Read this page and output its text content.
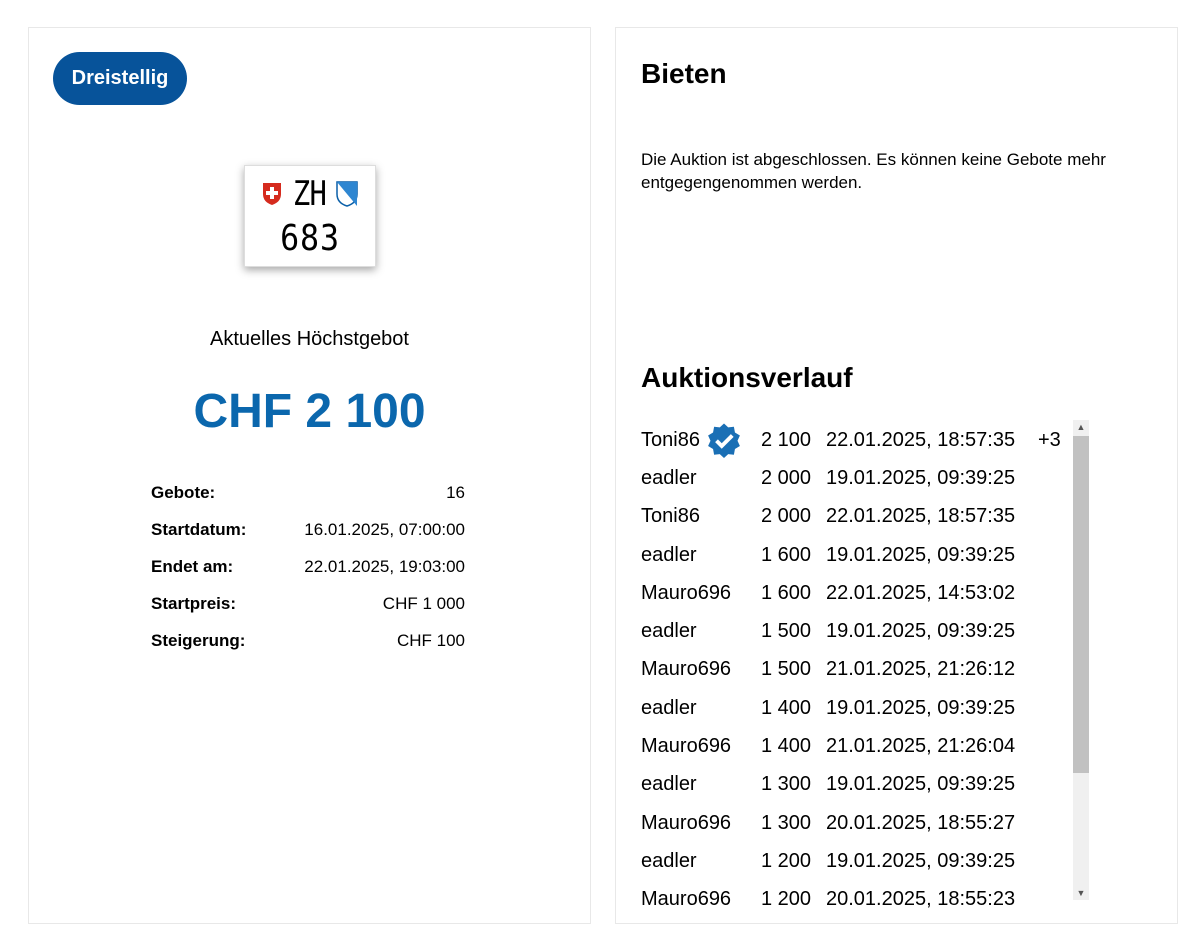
Dreistellig
ZH
683
Aktuelles Höchstgebot
CHF 2 100
Gebote:	16
Startdatum:	16.01.2025, 07:00:00
Endet am:	22.01.2025, 19:03:00
Startpreis:	CHF 1 000
Steigerung:	CHF 100
Bieten
Die Auktion ist abgeschlossen. Es können keine Gebote mehr entgegengenommen werden.
Auktionsverlauf
Toni86	2 100 22.01.2025, 18:57:35	+3
eadler	2 000 19.01.2025, 09:39:25
Toni86	2 000 22.01.2025, 18:57:35
eadler	1 600 19.01.2025, 09:39:25
Mauro696 1 600 22.01.2025, 14:53:02
eadler	1 500 19.01.2025, 09:39:25
Mauro696 1 500 21.01.2025, 21:26:12
eadler	1 400 19.01.2025, 09:39:25
Mauro696 1 400 21.01.2025, 21:26:04
eadler	1 300 19.01.2025, 09:39:25
Mauro696 1 300 20.01.2025, 18:55:27
eadler	1 200 19.01.2025, 09:39:25
Mauro696 1 200 20.01.2025, 18:55:23
▲
▼
